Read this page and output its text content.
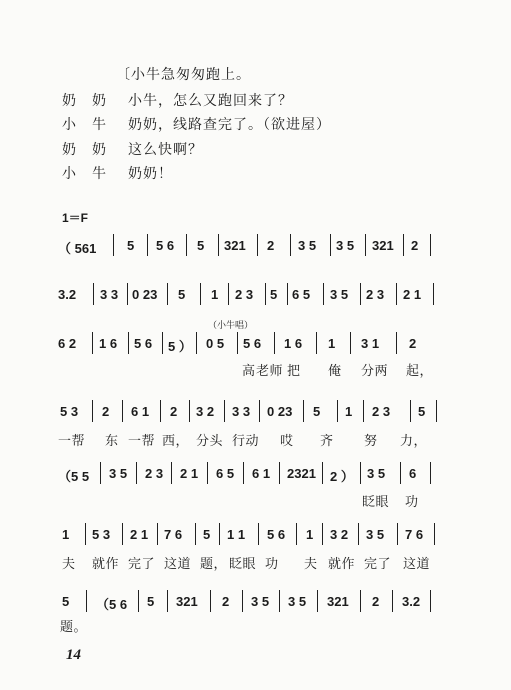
〔小牛急匆匆跑上。
奶　奶 小牛，怎么又跑回来了？
小　牛 奶奶，线路查完了。（欲进屋）
奶　奶 这么快啊？
小　牛 奶奶！
1＝F
（ 561 5 5 6 5 321 2 3 5 3 5 321 2
3.2 3 3 0 23 5 1 2 3 5 6 5 3 5 2 3 2 1
（小牛唱）
6 2 1 6 5 6 5 ） 0 5 5 6 1 6 1 3 1 2
高 老师 把 俺 分两 起，
5 3 2 6 1 2 3 2 3 3 0 23 5 1 2 3 5
一帮 东 一帮 西， 分头 行动 哎 齐 努 力，
（5 5 3 5 2 3 2 1 6 5 6 1 2321 2 ） 3 5 6
眨眼 功
1 5 3 2 1 7 6 5 1 1 5 6 1 3 2 3 5 7 6
夫 就作 完了 这道 题， 眨眼 功 夫 就作 完了 这道
5 （5 6 5 321 2 3 5 3 5 321 2 3.2
题。
14
